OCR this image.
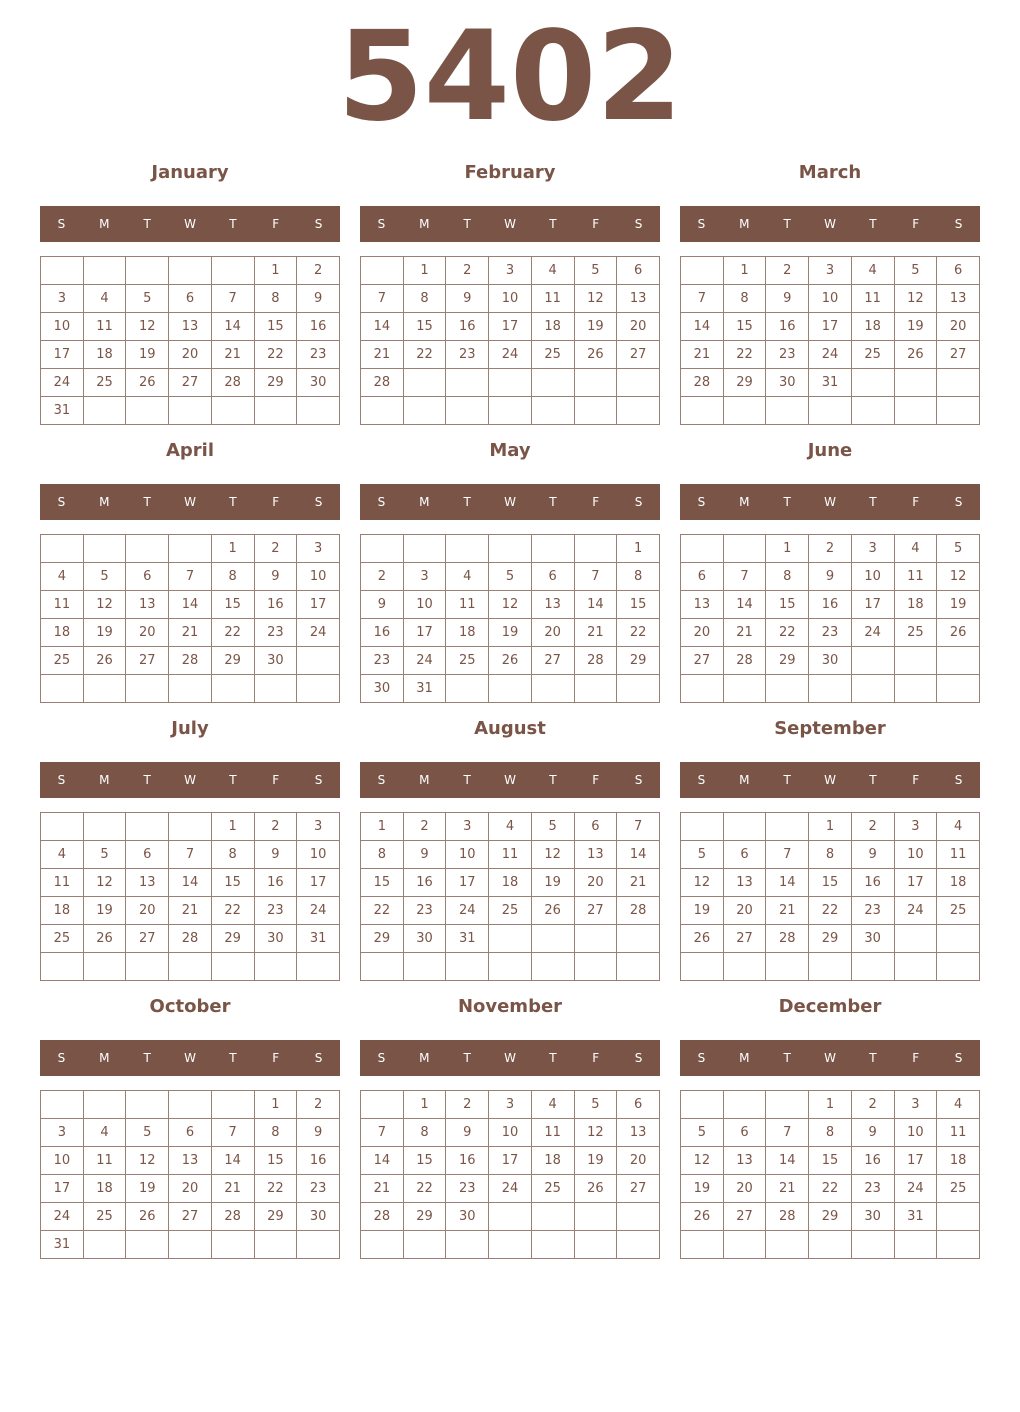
5402
January
S	M	T	W	T	F	S
					1	2
3	4	5	6	7	8	9
10	11	12	13	14	15	16
17	18	19	20	21	22	23
24	25	26	27	28	29	30
31						
February
S	M	T	W	T	F	S
	1	2	3	4	5	6
7	8	9	10	11	12	13
14	15	16	17	18	19	20
21	22	23	24	25	26	27
28						

March
S	M	T	W	T	F	S
	1	2	3	4	5	6
7	8	9	10	11	12	13
14	15	16	17	18	19	20
21	22	23	24	25	26	27
28	29	30	31			

April
S	M	T	W	T	F	S
				1	2	3
4	5	6	7	8	9	10
11	12	13	14	15	16	17
18	19	20	21	22	23	24
25	26	27	28	29	30	

May
S	M	T	W	T	F	S
						1
2	3	4	5	6	7	8
9	10	11	12	13	14	15
16	17	18	19	20	21	22
23	24	25	26	27	28	29
30	31					
June
S	M	T	W	T	F	S
		1	2	3	4	5
6	7	8	9	10	11	12
13	14	15	16	17	18	19
20	21	22	23	24	25	26
27	28	29	30			

July
S	M	T	W	T	F	S
				1	2	3
4	5	6	7	8	9	10
11	12	13	14	15	16	17
18	19	20	21	22	23	24
25	26	27	28	29	30	31

August
S	M	T	W	T	F	S
1	2	3	4	5	6	7
8	9	10	11	12	13	14
15	16	17	18	19	20	21
22	23	24	25	26	27	28
29	30	31				

September
S	M	T	W	T	F	S
			1	2	3	4
5	6	7	8	9	10	11
12	13	14	15	16	17	18
19	20	21	22	23	24	25
26	27	28	29	30		

October
S	M	T	W	T	F	S
					1	2
3	4	5	6	7	8	9
10	11	12	13	14	15	16
17	18	19	20	21	22	23
24	25	26	27	28	29	30
31						
November
S	M	T	W	T	F	S
	1	2	3	4	5	6
7	8	9	10	11	12	13
14	15	16	17	18	19	20
21	22	23	24	25	26	27
28	29	30				

December
S	M	T	W	T	F	S
			1	2	3	4
5	6	7	8	9	10	11
12	13	14	15	16	17	18
19	20	21	22	23	24	25
26	27	28	29	30	31	
